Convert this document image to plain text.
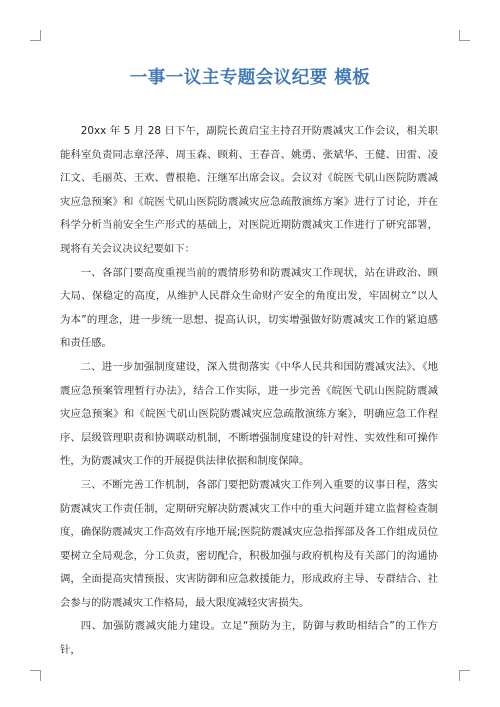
一事一议主专题会议纪要 模板

20xx 年 5 月 28 日下午，副院长黄启宝主持召开防震减灾工作会议，相关职能科室负责同志章泾萍、周玉森、顾莉、王春音、姚勇、张斌华、王健、田雷、凌江文、毛丽英、王欢、曹根艳、汪继军出席会议。会议对《皖医弋矶山医院防震减灾应急预案》和《皖医弋矶山医院防震减灾应急疏散演练方案》进行了讨论，并在科学分析当前安全生产形式的基础上，对医院近期防震减灾工作进行了研究部署，现将有关会议决议纪要如下：

一、各部门要高度重视当前的震情形势和防震减灾工作现状，站在讲政治、顾大局、保稳定的高度，从维护人民群众生命财产安全的角度出发，牢固树立“以人为本”的理念，进一步统一思想、提高认识，切实增强做好防震减灾工作的紧迫感和责任感。

二、进一步加强制度建设，深入贯彻落实《中华人民共和国防震减灾法》、《地震应急预案管理暂行办法》，结合工作实际，进一步完善《皖医弋矶山医院防震减灾应急预案》和《皖医弋矶山医院防震减灾应急疏散演练方案》，明确应急工作程序、层级管理职责和协调联动机制，不断增强制度建设的针对性、实效性和可操作性，为防震减灾工作的开展提供法律依据和制度保障。

三、不断完善工作机制，各部门要把防震减灾工作列入重要的议事日程，落实防震减灾工作责任制，定期研究解决防震减灾工作中的重大问题并建立监督检查制度，确保防震减灾工作高效有序地开展;医院防震减灾应急指挥部及各工作组成员位要树立全局观念，分工负责，密切配合，积极加强与政府机构及有关部门的沟通协调，全面提高灾情预报、灾害防御和应急救援能力，形成政府主导、专群结合、社会参与的防震减灾工作格局，最大限度减轻灾害损失。

四、加强防震减灾能力建设。立足“预防为主，防御与救助相结合”的工作方针，
